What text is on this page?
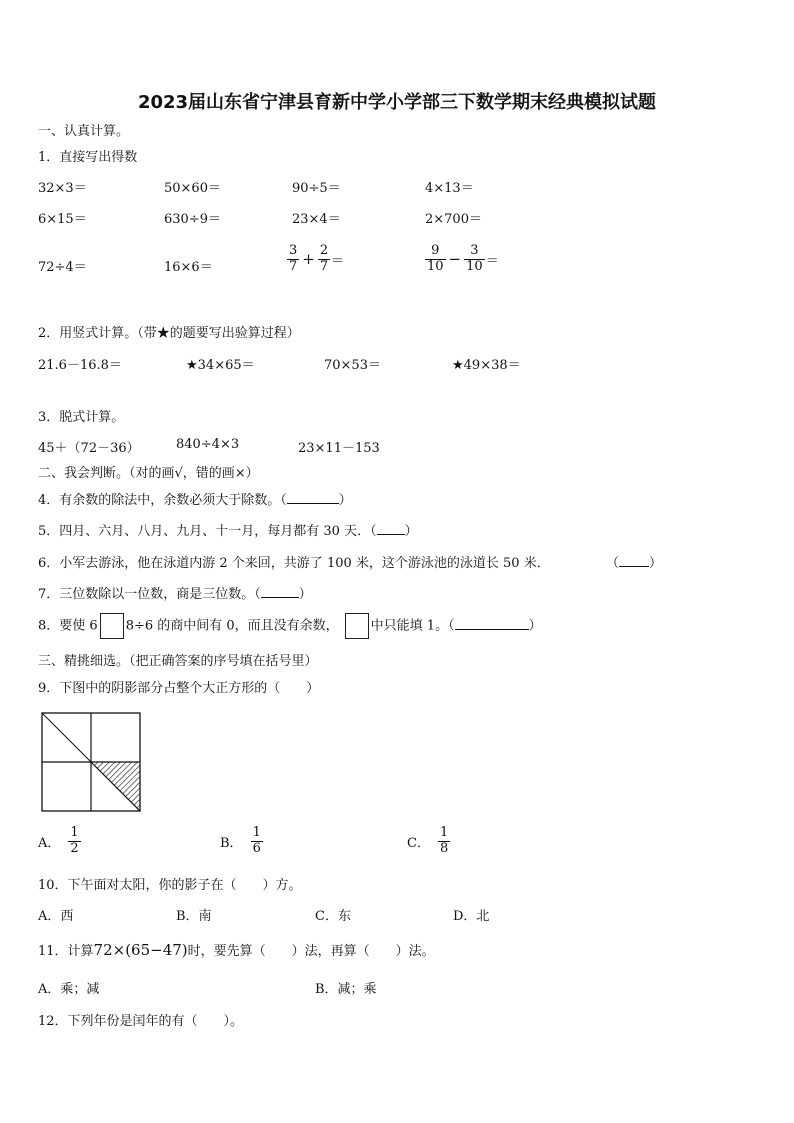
2023届山东省宁津县育新中学小学部三下数学期末经典模拟试题
一、认真计算。
1．直接写出得数
32×3＝	50×60＝	90÷5＝	4×13＝
6×15＝	630÷9＝	23×4＝	2×700＝
72÷4＝	16×6＝	$\frac{3}{7} + \frac{2}{7}$ ＝	$\frac{9}{10} - \frac{3}{10}$ ＝
2．用竖式计算。（带★的题要写出验算过程）
21.6－16.8＝	★34×65＝	70×53＝	★49×38＝
3．脱式计算。
45＋（72－36）	840÷4×3	23×11－153
二、我会判断。（对的画√，错的画×）
4．有余数的除法中，余数必须大于除数。（	）
5．四月、六月、八月、九月、十一月，每月都有 30 天．（ ）
6．小军去游泳，他在泳道内游 2 个来回，共游了 100 米，这个游泳池的泳道长 50 米．	（ ）
7．三位数除以一位数，商是三位数。（	）
8．要使 6 8÷6 的商中间有 0，而且没有余数， 中只能填 1。（	）
三、精挑细选。（把正确答案的序号填在括号里）
9．下图中的阴影部分占整个大正方形的（　　）
A． $\frac{1}{2}$	B． $\frac{1}{6}$	C． $\frac{1}{8}$
10．下午面对太阳，你的影子在（　　）方。
A．西	B．南	C．东	D．北
11．计算72×(65−47)时，要先算（　　）法，再算（　　）法。
A．乘；减	B．减；乘
12．下列年份是闰年的有（　　）。
